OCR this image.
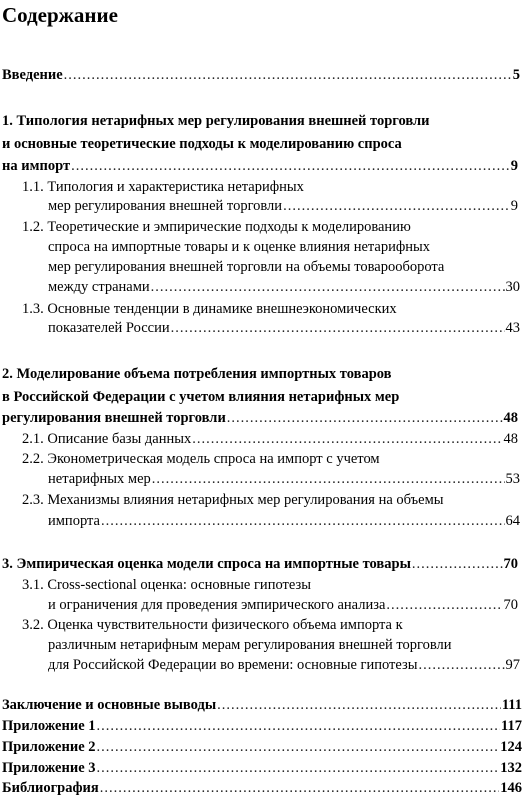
Содержание
Введение .....	5
1. Типология нетарифных мер регулирования внешней торговли
и основные теоретические подходы к моделированию спроса
на импорт .....	9
1.1. Типология и характеристика нетарифных
мер регулирования внешней торговли .....	9
1.2. Теоретические и эмпирические подходы к моделированию
спроса на импортные товары и к оценке влияния нетарифных
мер регулирования внешней торговли на объемы товарооборота
между странами .....	30
1.3. Основные тенденции в динамике внешнеэкономических
показателей России .....	43
2. Моделирование объема потребления импортных товаров
в Российской Федерации с учетом влияния нетарифных мер
регулирования внешней торговли .....	48
2.1. Описание базы данных .....	48
2.2. Эконометрическая модель спроса на импорт с учетом
нетарифных мер .....	53
2.3. Механизмы влияния нетарифных мер регулирования на объемы
импорта .....	64
3. Эмпирическая оценка модели спроса на импортные товары .....	70
3.1. Cross-sectional оценка: основные гипотезы
и ограничения для проведения эмпирического анализа .....	70
3.2. Оценка чувствительности физического объема импорта к
различным нетарифным мерам регулирования внешней торговли
для Российской Федерации во времени: основные гипотезы .....	97
Заключение и основные выводы .....	111
Приложение 1 .....	117
Приложение 2 .....	124
Приложение 3 .....	132
Библиография .....	146
